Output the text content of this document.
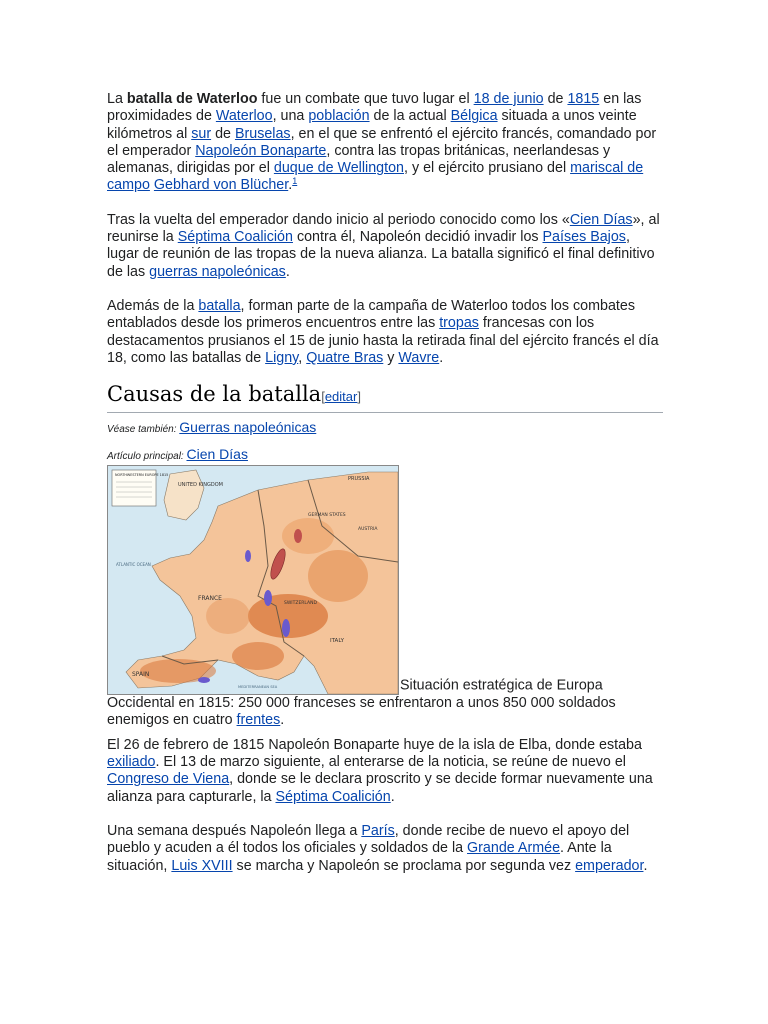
La batalla de Waterloo fue un combate que tuvo lugar el 18 de junio de 1815 en las proximidades de Waterloo, una población de la actual Bélgica situada a unos veinte kilómetros al sur de Bruselas, en el que se enfrentó el ejército francés, comandado por el emperador Napoleón Bonaparte, contra las tropas británicas, neerlandesas y alemanas, dirigidas por el duque de Wellington, y el ejército prusiano del mariscal de campo Gebhard von Blücher.$^1$

Tras la vuelta del emperador dando inicio al periodo conocido como los «Cien Días», al reunirse la Séptima Coalición contra él, Napoleón decidió invadir los Países Bajos, lugar de reunión de las tropas de la nueva alianza. La batalla significó el final definitivo de las guerras napoleónicas.

Además de la batalla, forman parte de la campaña de Waterloo todos los combates entablados desde los primeros encuentros entre las tropas francesas con los destacamentos prusianos el 15 de junio hasta la retirada final del ejército francés el día 18, como las batallas de Ligny, Quatre Bras y Wavre.

Causas de la batalla[editar]
Véase también: Guerras napoleónicas
Artículo principal: Cien Días

NORTHWESTERN EUROPE 1815
UNITED KINGDOM
PRUSSIA
GERMAN STATES
AUSTRIA
FRANCE
SWITZERLAND
ITALY
SPAIN
ATLANTIC OCEAN
MEDITERRANEAN SEA	Situación estratégica de Europa Occidental en 1815: 250 000 franceses se enfrentaron a unos 850 000 soldados enemigos en cuatro frentes.

El 26 de febrero de 1815 Napoleón Bonaparte huye de la isla de Elba, donde estaba exiliado. El 13 de marzo siguiente, al enterarse de la noticia, se reúne de nuevo el Congreso de Viena, donde se le declara proscrito y se decide formar nuevamente una alianza para capturarle, la Séptima Coalición.

Una semana después Napoleón llega a París, donde recibe de nuevo el apoyo del pueblo y acuden a él todos los oficiales y soldados de la Grande Armée. Ante la situación, Luis XVIII se marcha y Napoleón se proclama por segunda vez emperador.
